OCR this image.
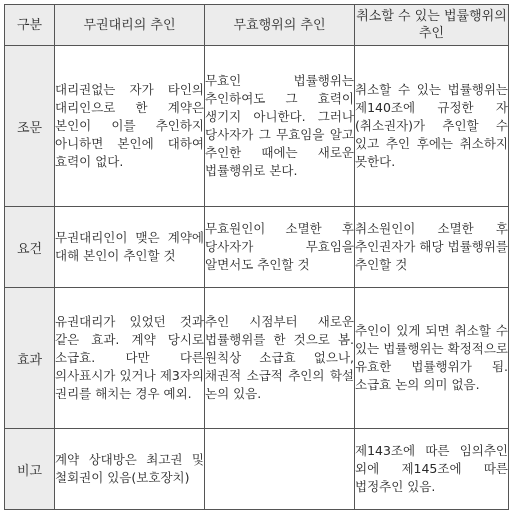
구분	무권대리의 추인	무효행위의 추인	취소할 수 있는 법률행위의 추인
조문	대리권없는 자가 타인의 대리인으로 한 계약은 본인이 이를 추인하지 아니하면 본인에 대하여 효력이 없다.	무효인 법률행위는 추인하여도 그 효력이 생기지 아니한다. 그러나 당사자가 그 무효임을 알고 추인한 때에는 새로운 법률행위로 본다.	취소할 수 있는 법률행위는 제140조에 규정한 자(취소권자)가 추인할 수 있고 추인 후에는 취소하지 못한다.
요건	무권대리인이 맺은 계약에 대해 본인이 추인할 것	무효원인이 소멸한 후 당사자가 무효임을 알면서도 추인할 것	취소원인이 소멸한 후 추인권자가 해당 법률행위를 추인할 것
효과	유권대리가 있었던 것과 같은 효과. 계약 당시로 소급효. 다만 다른 의사표시가 있거나 제3자의 권리를 해치는 경우 예외.	추인 시점부터 새로운 법률행위를 한 것으로 봄. 원칙상 소급효 없으나, 채권적 소급적 추인의 학설 논의 있음.	추인이 있게 되면 취소할 수 있는 법률행위는 확정적으로 유효한 법률행위가 됨. 소급효 논의 의미 없음.
비고	계약 상대방은 최고권 및 철회권이 있음(보호장치)		제143조에 따른 임의추인 외에 제145조에 따른 법정추인 있음.
